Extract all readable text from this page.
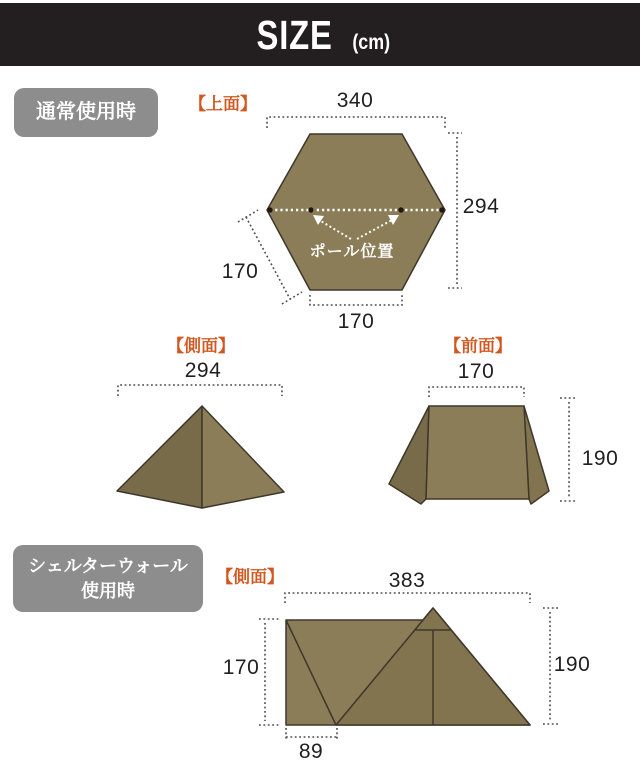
SIZE (cm)
通常使用時
シェルターウォール
使用時
【上面】
【側面】	【前面】
【側面】
340
294
170
170
ポール位置
294	170
190
383
170	190
89
